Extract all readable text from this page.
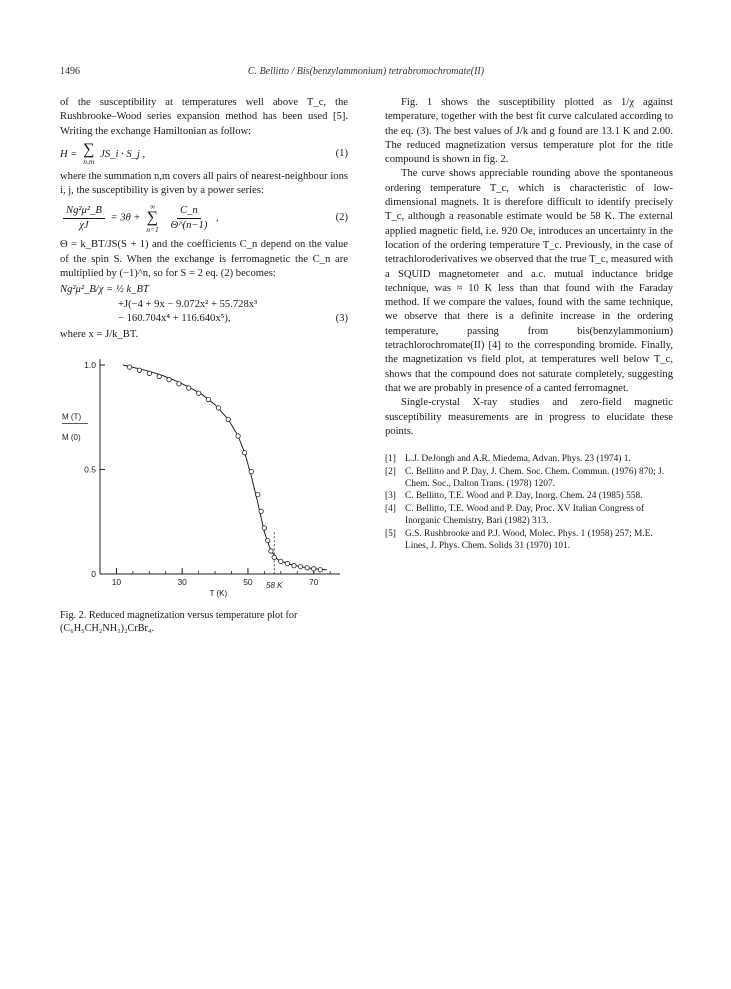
1496	C. Bellitto / Bis(benzylammonium) tetrabromochromate(II)

of the susceptibility at temperatures well above T_c, the Rushbrooke–Wood series expansion method has been used [5]. Writing the exchange Hamiltonian as follow:

H = ∑
n,m
JS_i · S_j ,	(1)

where the summation n,m covers all pairs of nearest-neighbour ions i, j, the susceptibility is given by a power series:

$\frac{\text{Ng²μ²\_B}}{\chi J} = 3\theta$ +
∞
∑
n=1
$\frac{C\_n}{\Theta\^{}(n-1)}$ ,	(2)

Θ = k_BT/JS(S + 1) and the coefficients C_n depend on the value of the spin S. When the exchange is ferromagnetic the C_n are multiplied by (−1)^n, so for S = 2 eq. (2) becomes:

Ng²μ²_B/χ = ½ k_BT
+J(−4 + 9x − 9.072x² + 55.728x³
− 160.704x⁴ + 116.640x⁵),	(3)

where x = J/k_BT.

0
0.5
1.0
10	30	50	70
T (K)
M (T)
M (0)
58 K

Fig. 2. Reduced magnetization versus temperature plot for (C₆H₅CH₂NH₃)₂CrBr₄.

Fig. 1 shows the susceptibility plotted as 1/χ against temperature, together with the best fit curve calculated according to the eq. (3). The best values of J/k and g found are 13.1 K and 2.00. The reduced magnetization versus temperature plot for the title compound is shown in fig. 2.

The curve shows appreciable rounding above the spontaneous ordering temperature T_c, which is characteristic of low-dimensional magnets. It is therefore difficult to identify precisely T_c, although a reasonable estimate would be 58 K. The external applied magnetic field, i.e. 920 Oe, introduces an uncertainty in the location of the ordering temperature T_c. Previously, in the case of tetrachloroderivatives we observed that the true T_c, measured with a SQUID magnetometer and a.c. mutual inductance bridge technique, was ≈ 10 K less than that found with the Faraday method. If we compare the values, found with the same technique, we observe that there is a definite increase in the ordering temperature, passing from bis(benzylammonium) tetrachlorochromate(II) [4] to the corresponding bromide. Finally, the magnetization vs field plot, at temperatures well below T_c, shows that the compound does not saturate completely, suggesting that we are probably in presence of a canted ferromagnet.

Single-crystal X-ray studies and zero-field magnetic susceptibility measurements are in progress to elucidate these points.

[1] L.J. DeJongh and A.R. Miedema, Advan. Phys. 23 (1974) 1.
[2] C. Bellitto and P. Day, J. Chem. Soc. Chem. Commun. (1976) 870; J. Chem. Soc., Dalton Trans. (1978) 1207.
[3] C. Bellitto, T.E. Wood and P. Day, Inorg. Chem. 24 (1985) 558.
[4] C. Bellitto, T.E. Wood and P. Day, Proc. XV Italian Congress of Inorganic Chemistry, Bari (1982) 313.
[5] G.S. Rushbrooke and P.J. Wood, Molec. Phys. 1 (1958) 257; M.E. Lines, J. Phys. Chem. Solids 31 (1970) 101.
